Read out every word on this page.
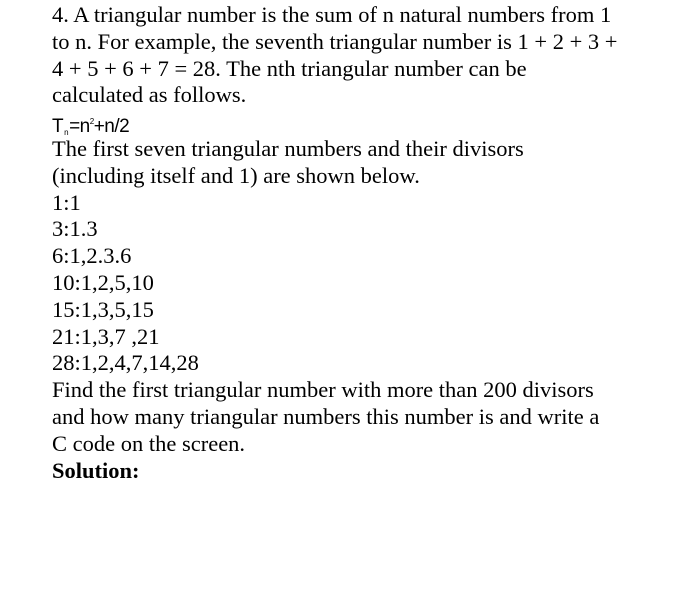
4. A triangular number is the sum of n natural numbers from 1
to n. For example, the seventh triangular number is 1 + 2 + 3 +
4 + 5 + 6 + 7 = 28. The nth triangular number can be
calculated as follows.
$T_n=n^2+n/2$
The first seven triangular numbers and their divisors
(including itself and 1) are shown below.
1:1
3:1.3
6:1,2.3.6
10:1,2,5,10
15:1,3,5,15
21:1,3,7 ,21
28:1,2,4,7,14,28
Find the first triangular number with more than 200 divisors
and how many triangular numbers this number is and write a
C code on the screen.
Solution:
